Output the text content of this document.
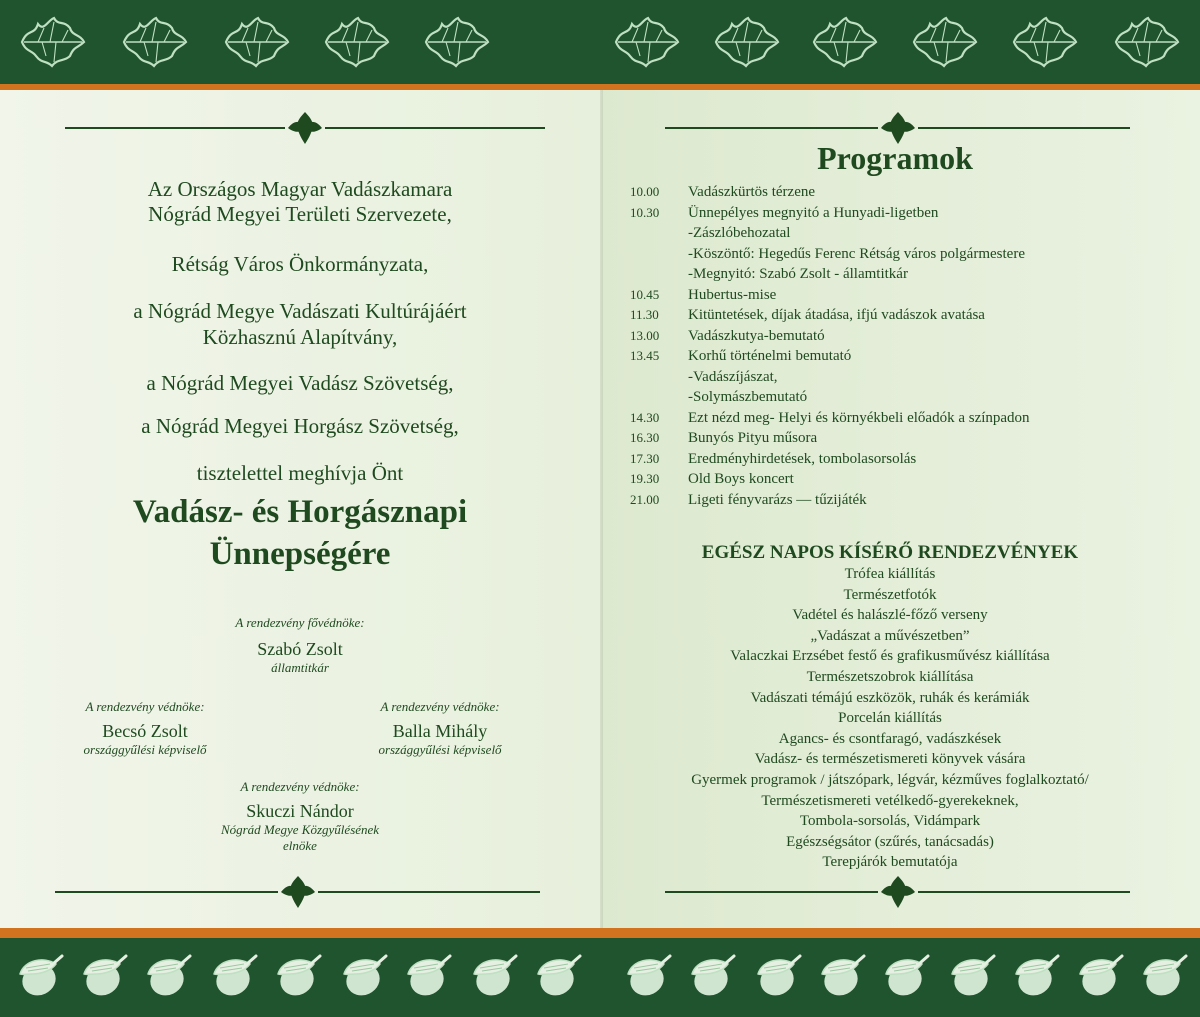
Az Országos Magyar Vadászkamara
Nógrád Megyei Területi Szervezete,
Rétság Város Önkormányzata,
a Nógrád Megye Vadászati Kultúrájáért
Közhasznú Alapítvány,
a Nógrád Megyei Vadász Szövetség,
a Nógrád Megyei Horgász Szövetség,
tisztelettel meghívja Önt
Vadász- és Horgásznapi
Ünnepségére
A rendezvény fővédnöke:
Szabó Zsolt
államtitkár
A rendezvény védnöke:
Becsó Zsolt
országgyűlési képviselő
A rendezvény védnöke:
Balla Mihály
országgyűlési képviselő
A rendezvény védnöke:
Skuczi Nándor
Nógrád Megye Közgyűlésének
elnöke
Programok
10.00	Vadászkürtös térzene
10.30	Ünnepélyes megnyitó a Hunyadi-ligetben
-Zászlóbehozatal
-Köszöntő: Hegedűs Ferenc Rétság város polgármestere
-Megnyitó: Szabó Zsolt - államtitkár
10.45	Hubertus-mise
11.30	Kitüntetések, díjak átadása, ifjú vadászok avatása
13.00	Vadászkutya-bemutató
13.45	Korhű történelmi bemutató
-Vadászíjászat,
-Solymászbemutató
14.30	Ezt nézd meg- Helyi és környékbeli előadók a színpadon
16.30	Bunyós Pityu műsora
17.30	Eredményhirdetések, tombolasorsolás
19.30	Old Boys koncert
21.00	Ligeti fényvarázs — tűzijáték
EGÉSZ NAPOS KÍSÉRŐ RENDEZVÉNYEK
Trófea kiállítás
Természetfotók
Vadétel és halászlé-főző verseny
„Vadászat a művészetben”
Valaczkai Erzsébet festő és grafikusművész kiállítása
Természetszobrok kiállítása
Vadászati témájú eszközök, ruhák és kerámiák
Porcelán kiállítás
Agancs- és csontfaragó, vadászkések
Vadász- és természetismereti könyvek vására
Gyermek programok / játszópark, légvár, kézműves foglalkoztató/
Természetismereti vetélkedő-gyerekeknek,
Tombola-sorsolás, Vidámpark
Egészségsátor (szűrés, tanácsadás)
Terepjárók bemutatója
